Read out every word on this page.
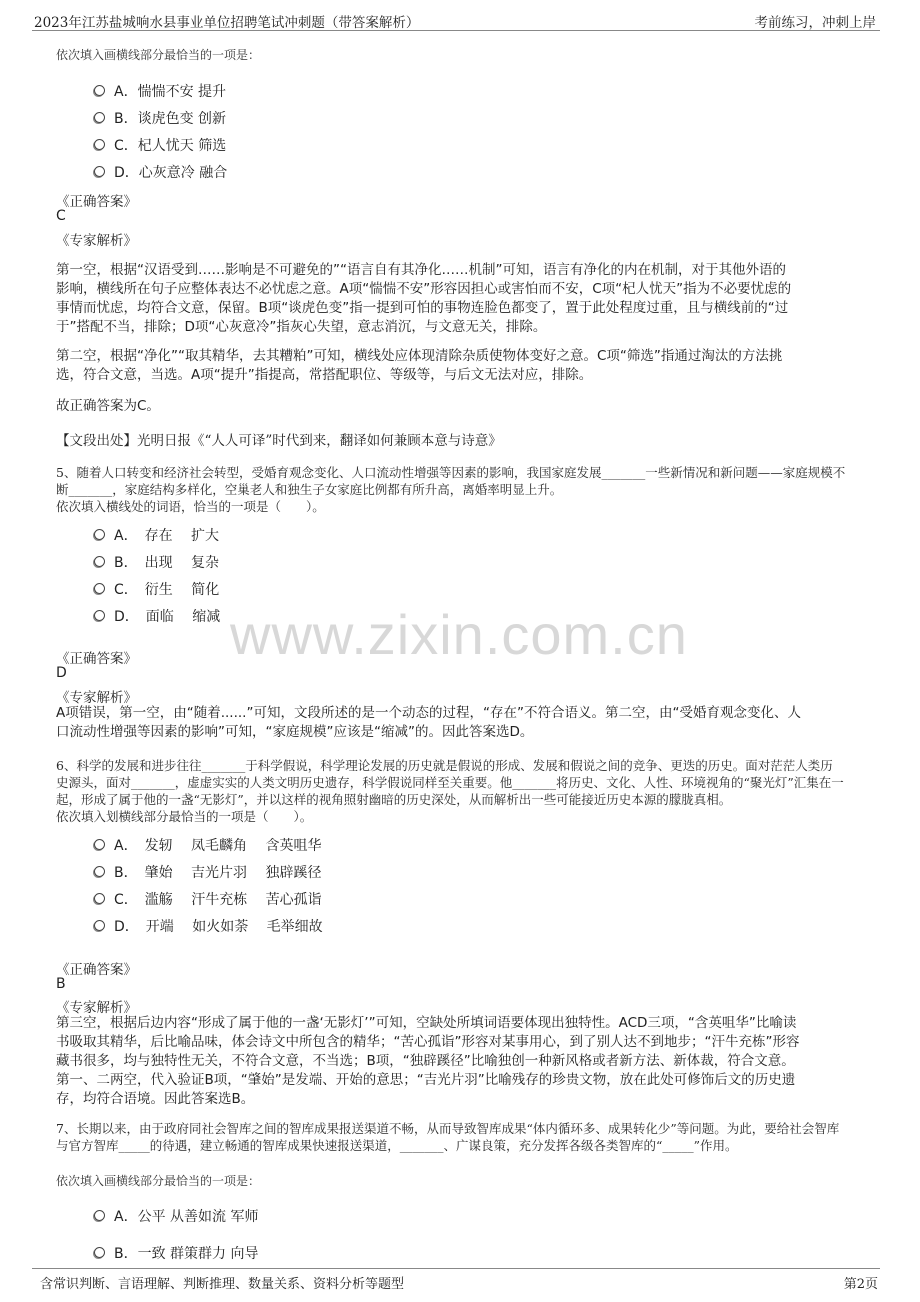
2023年江苏盐城响水县事业单位招聘笔试冲刺题（带答案解析）	考前练习，冲刺上岸
www.zixin.com.cn
依次填入画横线部分最恰当的一项是：
A．惴惴不安 提升
B．谈虎色变 创新
C．杞人忧天 筛选
D．心灰意冷 融合
《正确答案》
C
《专家解析》
第一空，根据“汉语受到……影响是不可避免的”“语言自有其净化……机制”可知，语言有净化的内在机制，对于其他外语的
影响，横线所在句子应整体表达不必忧虑之意。A项“惴惴不安”形容因担心或害怕而不安，C项“杞人忧天”指为不必要忧虑的
事情而忧虑，均符合文意，保留。B项“谈虎色变”指一提到可怕的事物连脸色都变了，置于此处程度过重，且与横线前的“过
于”搭配不当，排除；D项“心灰意冷”指灰心失望，意志消沉，与文意无关，排除。
第二空，根据“净化”“取其精华，去其糟粕”可知，横线处应体现清除杂质使物体变好之意。C项“筛选”指通过淘汰的方法挑
选，符合文意，当选。A项“提升”指提高，常搭配职位、等级等，与后文无法对应，排除。
故正确答案为C。
【文段出处】光明日报《“人人可译”时代到来，翻译如何兼顾本意与诗意》
5、随着人口转变和经济社会转型，受婚育观念变化、人口流动性增强等因素的影响，我国家庭发展_______一些新情况和新问题——家庭规模不
断_______，家庭结构多样化，空巢老人和独生子女家庭比例都有所升高，离婚率明显上升。
依次填入横线处的词语，恰当的一项是（　　）。
A．　存在　 扩大
B．　出现　 复杂
C．　衍生　 简化
D．　面临　 缩减
《正确答案》
D
《专家解析》
A项错误，第一空，由“随着......”可知，文段所述的是一个动态的过程，“存在”不符合语义。第二空，由“受婚育观念变化、人
口流动性增强等因素的影响”可知，“家庭规模”应该是“缩减”的。因此答案选D。
6、科学的发展和进步往往_______于科学假说，科学理论发展的历史就是假说的形成、发展和假说之间的竞争、更迭的历史。面对茫茫人类历
史源头，面对_______，虚虚实实的人类文明历史遗存，科学假说同样至关重要。他_______将历史、文化、人性、环境视角的“聚光灯”汇集在一
起，形成了属于他的一盏“无影灯”，并以这样的视角照射幽暗的历史深处，从而解析出一些可能接近历史本源的朦胧真相。
依次填入划横线部分最恰当的一项是（　　）。
A．　发轫　 凤毛麟角　 含英咀华
B．　肇始　 吉光片羽　 独辟蹊径
C．　滥觞　 汗牛充栋　 苦心孤诣
D．　开端　 如火如荼　 毛举细故
《正确答案》
B
《专家解析》
第三空，根据后边内容“形成了属于他的一盏‘无影灯’”可知，空缺处所填词语要体现出独特性。ACD三项，“含英咀华”比喻读
书吸取其精华，后比喻品味，体会诗文中所包含的精华；“苦心孤诣”形容对某事用心，到了别人达不到地步；“汗牛充栋”形容
藏书很多，均与独特性无关，不符合文意，不当选；B项，“独辟蹊径”比喻独创一种新风格或者新方法、新体裁，符合文意。
第一、二两空，代入验证B项，“肇始”是发端、开始的意思；“吉光片羽”比喻残存的珍贵文物，放在此处可修饰后文的历史遗
存，均符合语境。因此答案选B。
7、长期以来，由于政府同社会智库之间的智库成果报送渠道不畅，从而导致智库成果“体内循环多、成果转化少”等问题。为此，要给社会智库
与官方智库_____的待遇，建立畅通的智库成果快速报送渠道，_______、广谋良策，充分发挥各级各类智库的“_____”作用。
依次填入画横线部分最恰当的一项是：
A．公平 从善如流 军师
B．一致 群策群力 向导
含常识判断、言语理解、判断推理、数量关系、资料分析等题型	第2页
